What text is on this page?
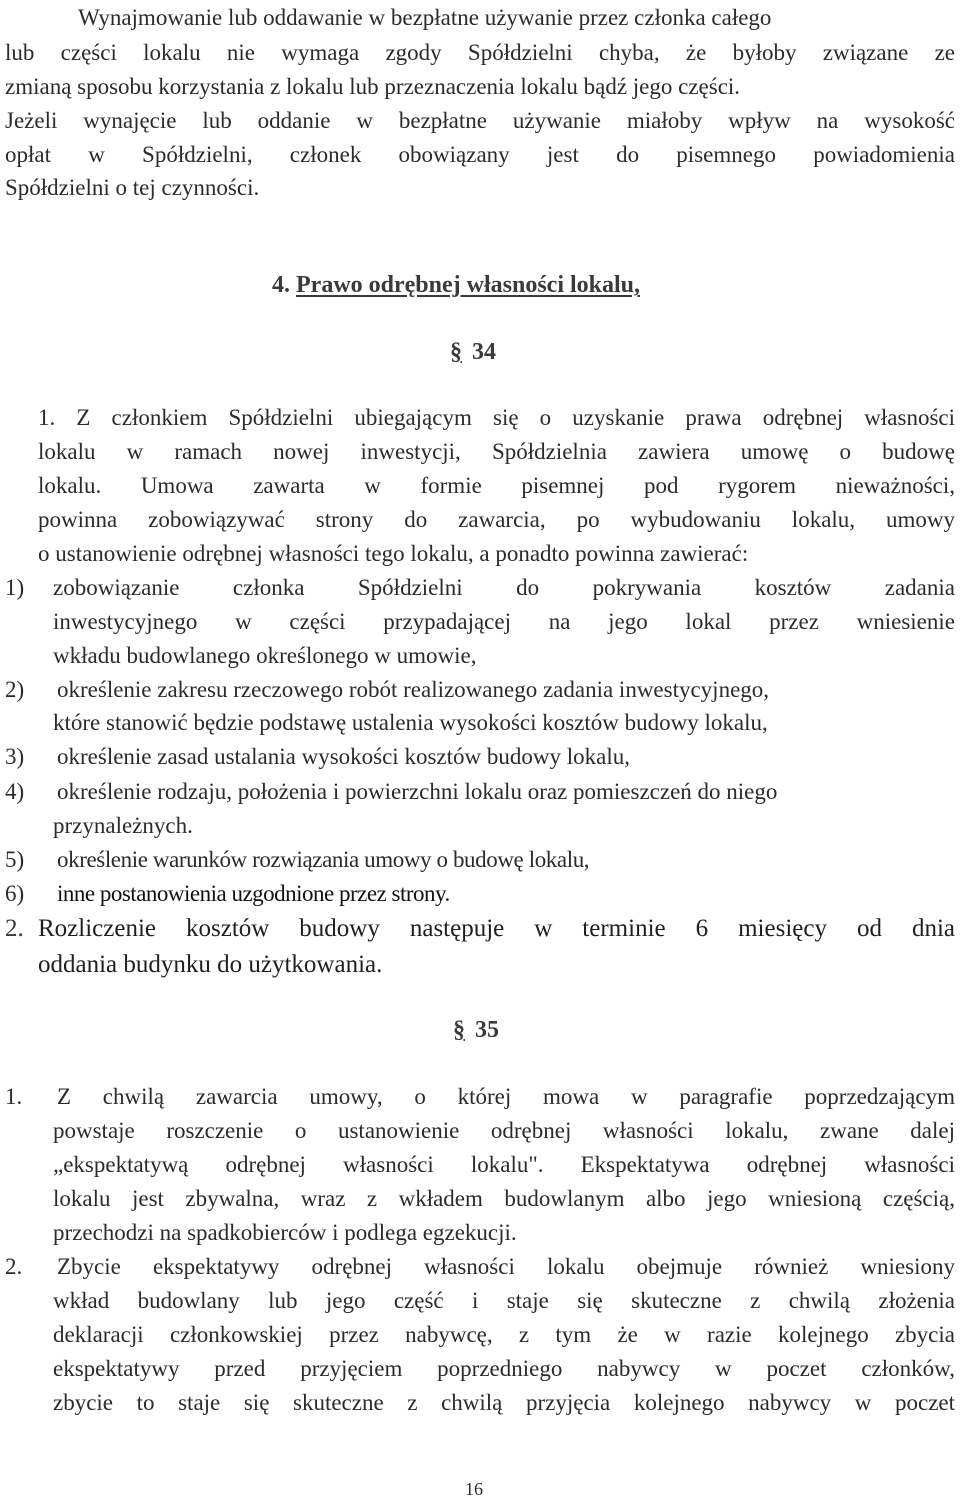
Wynajmowanie lub oddawanie w bezpłatne używanie przez członka całego
lub części lokalu nie wymaga zgody Spółdzielni chyba, że byłoby związane ze
zmianą sposobu korzystania z lokalu lub przeznaczenia lokalu bądź jego części.
Jeżeli wynajęcie lub oddanie w bezpłatne używanie miałoby wpływ na wysokość
opłat w Spółdzielni, członek obowiązany jest do pisemnego powiadomienia
Spółdzielni o tej czynności.
4. Prawo odrębnej własności lokalu,
§ 34
1. Z członkiem Spółdzielni ubiegającym się o uzyskanie prawa odrębnej własności
lokalu w ramach nowej inwestycji, Spółdzielnia zawiera umowę o budowę
lokalu. Umowa zawarta w formie pisemnej pod rygorem nieważności,
powinna zobowiązywać strony do zawarcia, po wybudowaniu lokalu, umowy
o ustanowienie odrębnej własności tego lokalu, a ponadto powinna zawierać:
1) zobowiązanie członka Spółdzielni do pokrywania kosztów zadania
inwestycyjnego w części przypadającej na jego lokal przez wniesienie
wkładu budowlanego określonego w umowie,
2) określenie zakresu rzeczowego robót realizowanego zadania inwestycyjnego,
które stanowić będzie podstawę ustalenia wysokości kosztów budowy lokalu,
3) określenie zasad ustalania wysokości kosztów budowy lokalu,
4) określenie rodzaju, położenia i powierzchni lokalu oraz pomieszczeń do niego
przynależnych.
5) określenie warunków rozwiązania umowy o budowę lokalu,
6) inne postanowienia uzgodnione przez strony.
2. Rozliczenie kosztów budowy następuje w terminie 6 miesięcy od dnia
oddania budynku do użytkowania.
§ 35
1. Z chwilą zawarcia umowy, o której mowa w paragrafie poprzedzającym
powstaje roszczenie o ustanowienie odrębnej własności lokalu, zwane dalej
„ekspektatywą odrębnej własności lokalu". Ekspektatywa odrębnej własności
lokalu jest zbywalna, wraz z wkładem budowlanym albo jego wniesioną częścią,
przechodzi na spadkobierców i podlega egzekucji.
2. Zbycie ekspektatywy odrębnej własności lokalu obejmuje również wniesiony
wkład budowlany lub jego część i staje się skuteczne z chwilą złożenia
deklaracji członkowskiej przez nabywcę, z tym że w razie kolejnego zbycia
ekspektatywy przed przyjęciem poprzedniego nabywcy w poczet członków,
zbycie to staje się skuteczne z chwilą przyjęcia kolejnego nabywcy w poczet
16
